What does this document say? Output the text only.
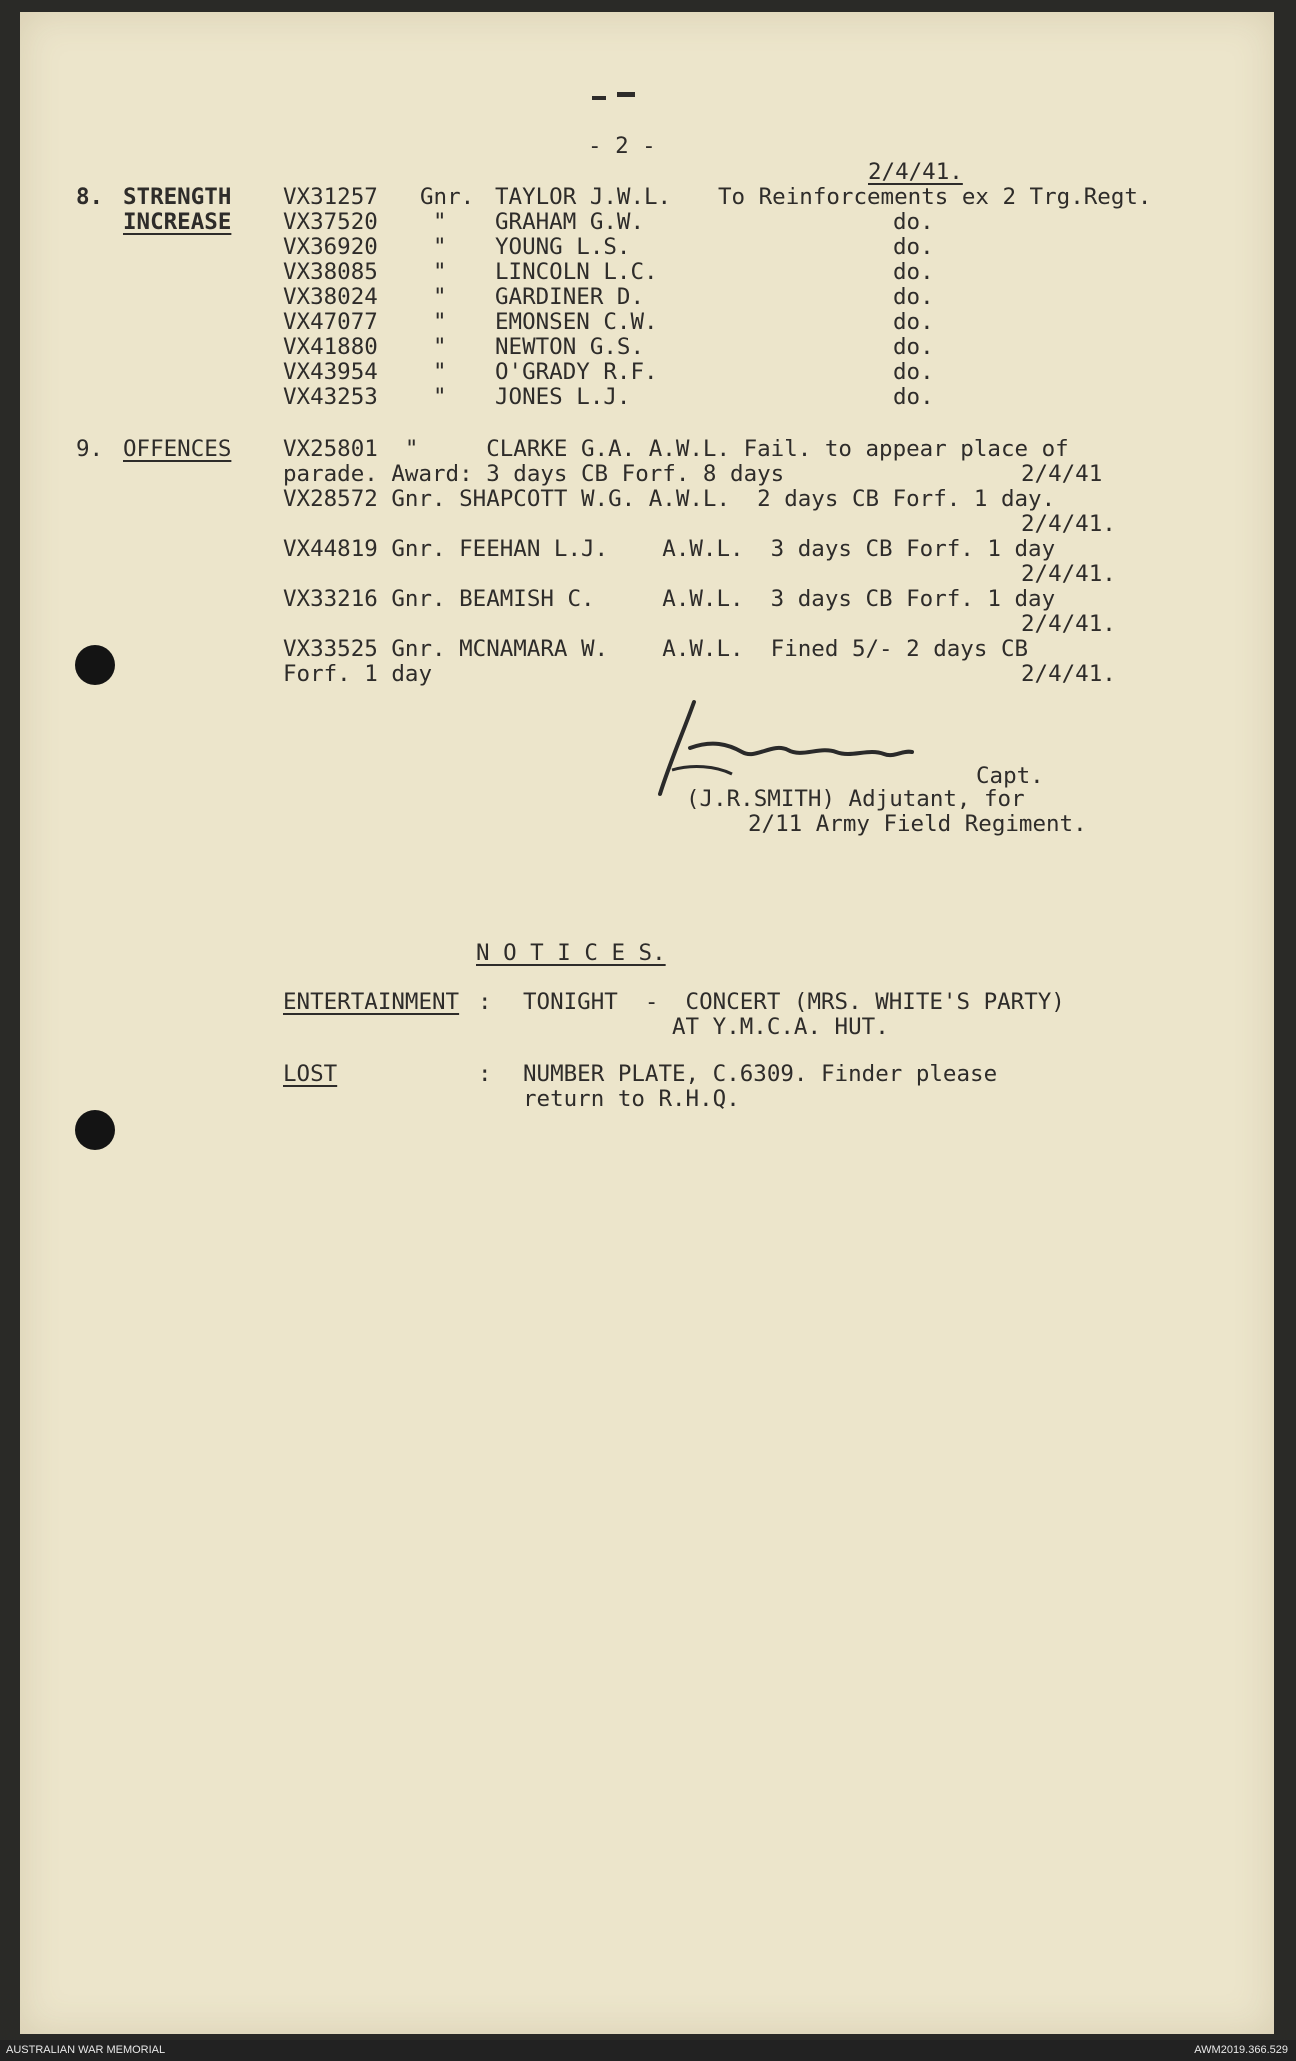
- 2 -
2/4/41.
8. STRENGTH
INCREASE
VX31257 Gnr. TAYLOR J.W.L. To Reinforcements ex 2 Trg.Regt.
VX37520 " GRAHAM G.W.	do.
VX36920 " YOUNG L.S.	do.
VX38085 " LINCOLN L.C.	do.
VX38024 " GARDINER D.	do.
VX47077 " EMONSEN C.W.	do.
VX41880 " NEWTON G.S.	do.
VX43954 " O'GRADY R.F.	do.
VX43253 " JONES L.J.	do.
9. OFFENCES VX25801  "     CLARKE G.A. A.W.L. Fail. to appear place of
parade. Award: 3 days CB Forf. 8 days	2/4/41
VX28572 Gnr. SHAPCOTT W.G. A.W.L.  2 days CB Forf. 1 day.
2/4/41.
VX44819 Gnr. FEEHAN L.J.    A.W.L.  3 days CB Forf. 1 day
2/4/41.
VX33216 Gnr. BEAMISH C.     A.W.L.  3 days CB Forf. 1 day
2/4/41.
VX33525 Gnr. MCNAMARA W.    A.W.L.  Fined 5/- 2 days CB
Forf. 1 day	2/4/41.
Capt.
(J.R.SMITH) Adjutant, for
2/11 Army Field Regiment.
N O T I C E S.
ENTERTAINMENT : TONIGHT  -  CONCERT (MRS. WHITE'S PARTY)
AT Y.M.C.A. HUT.
LOST	: NUMBER PLATE, C.6309. Finder please
return to R.H.Q.
AUSTRALIAN WAR MEMORIAL	AWM2019.366.529
